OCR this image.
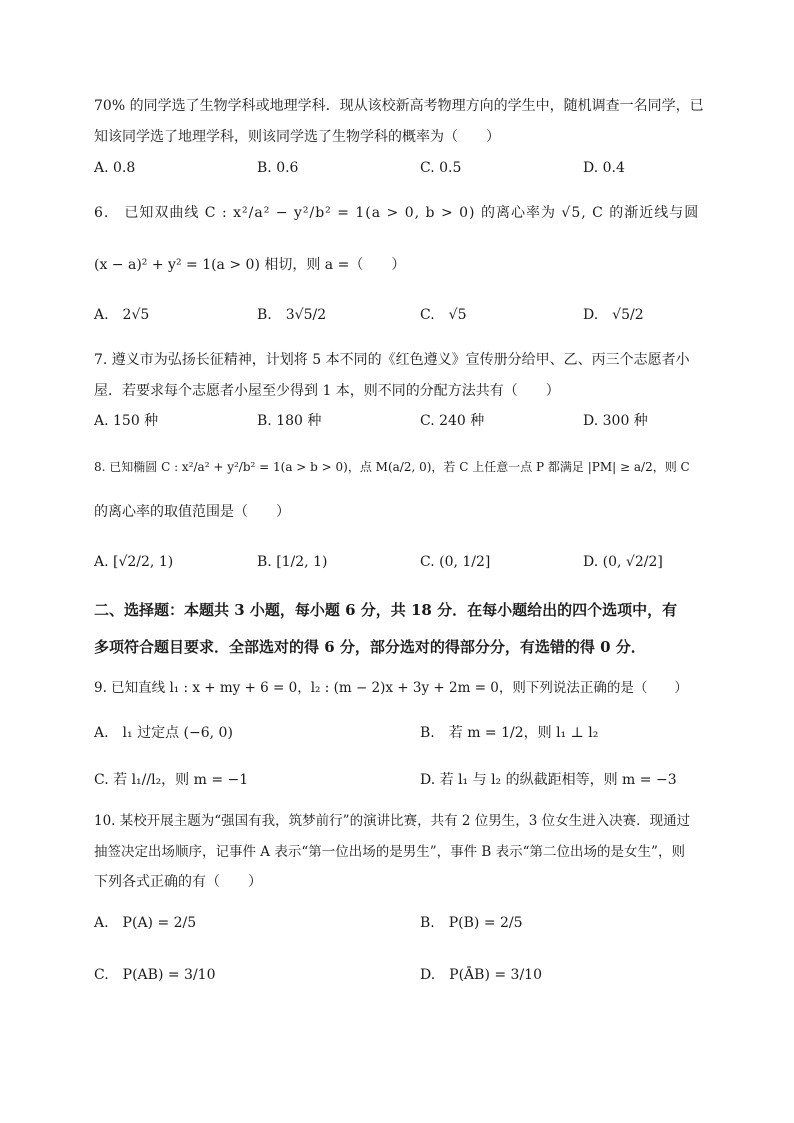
70% 的同学选了生物学科或地理学科．现从该校新高考物理方向的学生中，随机调查一名同学，已
知该同学选了地理学科，则该同学选了生物学科的概率为（　　）
A. 0.8	B. 0.6	C. 0.5	D. 0.4
6.　已知双曲线 C : x²/a² − y²/b² = 1(a > 0, b > 0) 的离心率为 √5, C 的渐近线与圆
(x − a)² + y² = 1(a > 0) 相切，则 a =（　　）
A.　2√5	B.　3√5/2	C.　√5	D.　√5/2
7. 遵义市为弘扬长征精神，计划将 5 本不同的《红色遵义》宣传册分给甲、乙、丙三个志愿者小
屋．若要求每个志愿者小屋至少得到 1 本，则不同的分配方法共有（　　）
A. 150 种	B. 180 种	C. 240 种	D. 300 种
8. 已知椭圆 C : x²/a² + y²/b² = 1(a > b > 0)，点 M(a/2, 0)，若 C 上任意一点 P 都满足 |PM| ≥ a/2，则 C
的离心率的取值范围是（　　）
A. [√2/2, 1)	B. [1/2, 1)	C. (0, 1/2]	D. (0, √2/2]
二、选择题：本题共 3 小题，每小题 6 分，共 18 分．在每小题给出的四个选项中，有
多项符合题目要求．全部选对的得 6 分，部分选对的得部分分，有选错的得 0 分．
9. 已知直线 l₁ : x + my + 6 = 0，l₂ : (m − 2)x + 3y + 2m = 0，则下列说法正确的是（　　）
A.　l₁ 过定点 (−6, 0)	B.　若 m = 1/2，则 l₁ ⊥ l₂
C. 若 l₁//l₂，则 m = −1	D. 若 l₁ 与 l₂ 的纵截距相等，则 m = −3
10. 某校开展主题为“强国有我，筑梦前行”的演讲比赛，共有 2 位男生，3 位女生进入决赛．现通过
抽签决定出场顺序，记事件 A 表示“第一位出场的是男生”，事件 B 表示“第二位出场的是女生”，则
下列各式正确的有（　　）
A.　P(A) = 2/5	B.　P(B) = 2/5
C.　P(AB) = 3/10	D.　P(ĀB) = 3/10
